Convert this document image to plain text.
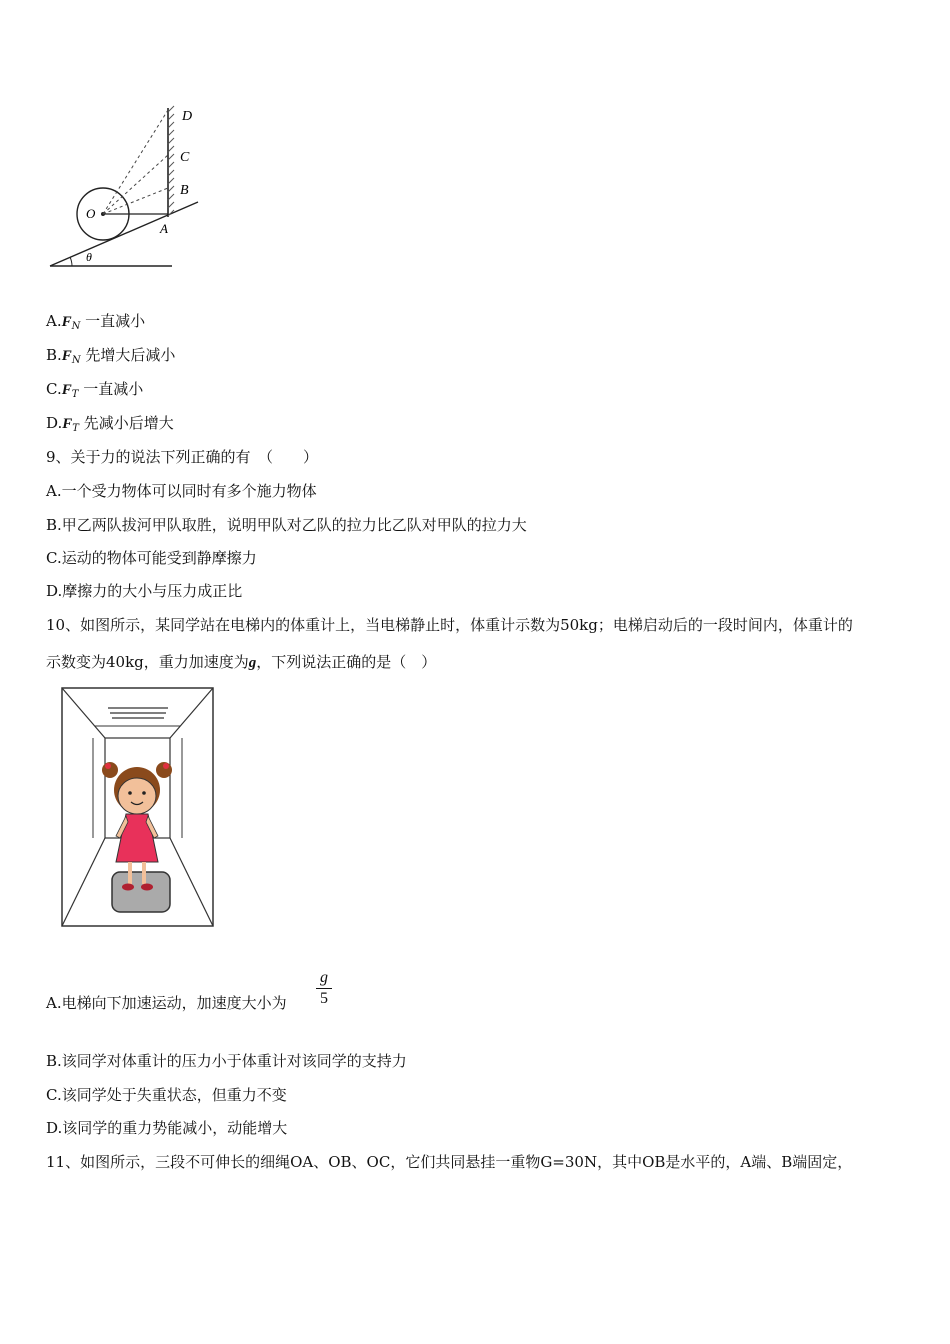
D
C
B
O
A
θ
$A.F_N$ 一直减小
$B.F_N$ 先增大后减小
$C.F_T$ 一直减小
$D.F_T$ 先减小后增大
9、关于力的说法下列正确的有　（　　）
A.一个受力物体可以同时有多个施力物体
B.甲乙两队拔河甲队取胜，说明甲队对乙队的拉力比乙队对甲队的拉力大
C.运动的物体可能受到静摩擦力
D.摩擦力的大小与压力成正比
10、如图所示，某同学站在电梯内的体重计上，当电梯静止时，体重计示数为50kg；电梯启动后的一段时间内，体重计的
示数变为40kg，重力加速度为g，下列说法正确的是（　）
A.电梯向下加速运动，加速度大小为 $\frac{g}{5}$
B.该同学对体重计的压力小于体重计对该同学的支持力
C.该同学处于失重状态，但重力不变
D.该同学的重力势能减小，动能增大
11、如图所示，三段不可伸长的细绳OA、OB、OC，它们共同悬挂一重物G=30N，其中OB是水平的，A端、B端固定，
